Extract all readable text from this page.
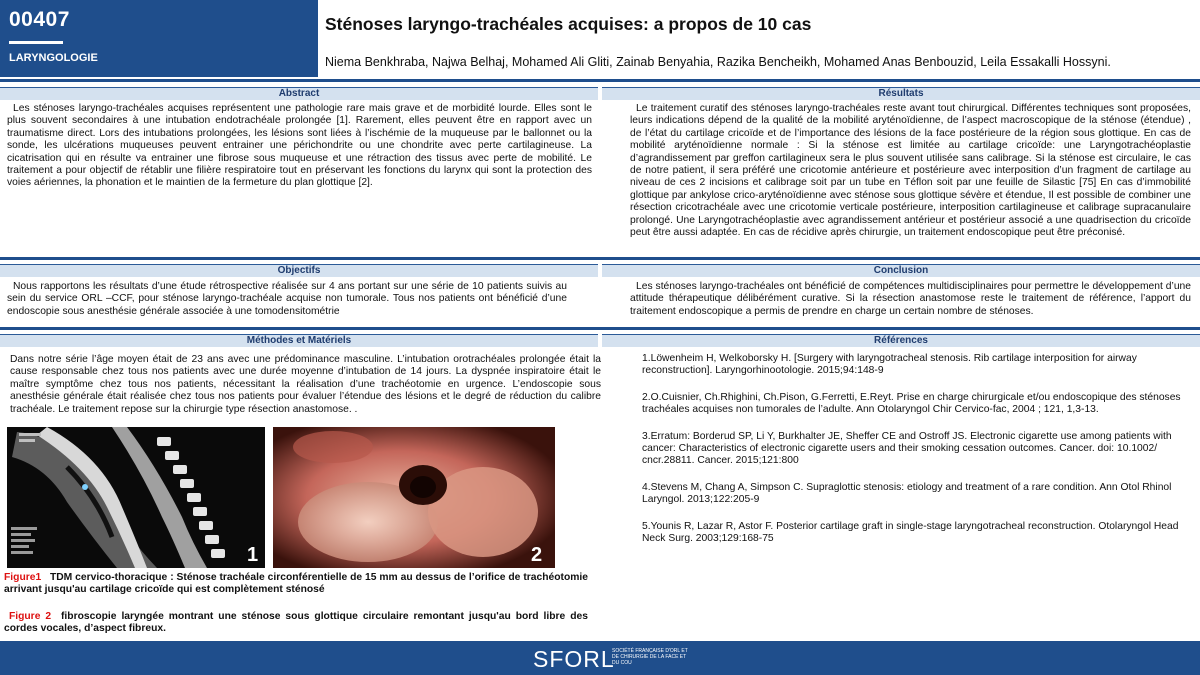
00407
LARYNGOLOGIE
Sténoses laryngo-trachéales acquises: a propos de 10 cas
Niema Benkhraba, Najwa Belhaj, Mohamed Ali Gliti, Zainab Benyahia, Razika Bencheikh, Mohamed Anas Benbouzid, Leila Essakalli Hossyni.
Abstract	Résultats
Les sténoses laryngo-trachéales acquises représentent une pathologie rare mais grave et de morbidité lourde. Elles sont le plus souvent secondaires à une intubation endotrachéale prolongée [1]. Rarement, elles peuvent être en rapport avec un traumatisme direct. Lors des intubations prolongées, les lésions sont liées à l’ischémie de la muqueuse par le ballonnet ou la sonde, les ulcérations muqueuses peuvent entrainer une périchondrite ou une chondrite avec perte cartilagineuse. La cicatrisation qui en résulte va entrainer une fibrose sous muqueuse et une rétraction des tissus avec perte de mobilité. Le traitement a pour objectif de rétablir une filière respiratoire tout en préservant les fonctions du larynx qui sont la protection des voies aériennes, la phonation et le maintien de la fermeture du plan glottique [2].
Le traitement curatif des sténoses laryngo-trachéales reste avant tout chirurgical. Différentes techniques sont proposées, leurs indications dépend de la qualité de la mobilité aryténoïdienne, de l’aspect macroscopique de la sténose (étendue) , de l’état du cartilage cricoïde et de l’importance des lésions de la face postérieure de la région sous glottique. En cas de mobilité aryténoïdienne normale : Si la sténose est limitée au cartilage cricoïde: une Laryngotrachéoplastie d’agrandissement par greffon cartilagineux sera le plus souvent utilisée sans calibrage. Si la sténose est circulaire, le cas de notre patient, il sera préféré une cricotomie antérieure et postérieure avec interposition d’un fragment de cartilage au niveau de ces 2 incisions et calibrage soit par un tube en Téflon soit par une feuille de Silastic [75] En cas d’immobilité glottique par ankylose crico-aryténoïdienne avec sténose sous glottique sévère et étendue, Il est possible de combiner une résection cricotrachéale avec une cricotomie verticale postérieure, interposition cartilagineuse et calibrage supracanulaire prolongé. Une Laryngotrachéoplastie avec agrandissement antérieur et postérieur associé a une quadrisection du cricoïde peut être aussi adaptée. En cas de récidive après chirurgie, un traitement endoscopique peut être préconisé.
Objectifs	Conclusion
Nous rapportons les résultats d’une étude rétrospective réalisée sur 4 ans portant sur une série de 10 patients suivis au sein du service ORL –CCF, pour sténose laryngo-trachéale acquise non tumorale. Tous nos patients ont bénéficié d’une endoscopie sous anesthésie générale associée à une tomodensitométrie
Les sténoses laryngo-trachéales ont bénéficié de compétences multidisciplinaires pour permettre le développement d’une attitude thérapeutique délibérément curative. Si la résection anastomose reste le traitement de référence, l’apport du traitement endoscopique a permis de prendre en charge un certain nombre de sténoses.
Méthodes et Matériels	Références
Dans notre série l’âge moyen était de 23 ans avec une prédominance masculine. L’intubation orotrachéales prolongée était la cause responsable chez tous nos patients avec une durée moyenne d’intubation de 14 jours. La dyspnée inspiratoire était le maître symptôme chez tous nos patients, nécessitant la réalisation d’une trachéotomie en urgence. L’endoscopie sous anesthésie générale était réalisée chez tous nos patients pour évaluer l’étendue des lésions et le degré de réduction du calibre trachéale. Le traitement repose sur la chirurgie type résection anastomose. .
1	2
Figure1 TDM cervico-thoracique : Sténose trachéale circonférentielle de 15 mm au dessus de l’orifice de trachéotomie arrivant jusqu'au cartilage cricoïde qui est complètement sténosé
Figure 2 fibroscopie laryngée montrant une sténose sous glottique circulaire remontant jusqu'au bord libre des cordes vocales, d’aspect fibreux.

1.Löwenheim H, Welkoborsky H. [Surgery with laryngotracheal stenosis. Rib cartilage interposition for airway reconstruction]. Laryngorhinootologie. 2015;94:148-9

2.O.Cuisnier, Ch.Rhighini, Ch.Pison, G.Ferretti, E.Reyt. Prise en charge chirurgicale et/ou endoscopique des sténoses trachéales acquises non tumorales de l’adulte. Ann Otolaryngol Chir Cervico-fac, 2004 ; 121, 1,3-13.

3.Erratum: Borderud SP, Li Y, Burkhalter JE, Sheffer CE and Ostroff JS. Electronic cigarette use among patients with cancer: Characteristics of electronic cigarette users and their smoking cessation outcomes. Cancer. doi: 10.1002/ cncr.28811. Cancer. 2015;121:800

4.Stevens M, Chang A, Simpson C. Supraglottic stenosis: etiology and treatment of a rare condition. Ann Otol Rhinol Laryngol. 2013;122:205-9

5.Younis R, Lazar R, Astor F. Posterior cartilage graft in single-stage laryngotracheal reconstruction. Otolaryngol Head Neck Surg. 2003;129:168-75

SFORL
SOCIÉTÉ FRANÇAISE D'ORL ET DE CHIRURGIE DE LA FACE ET DU COU
